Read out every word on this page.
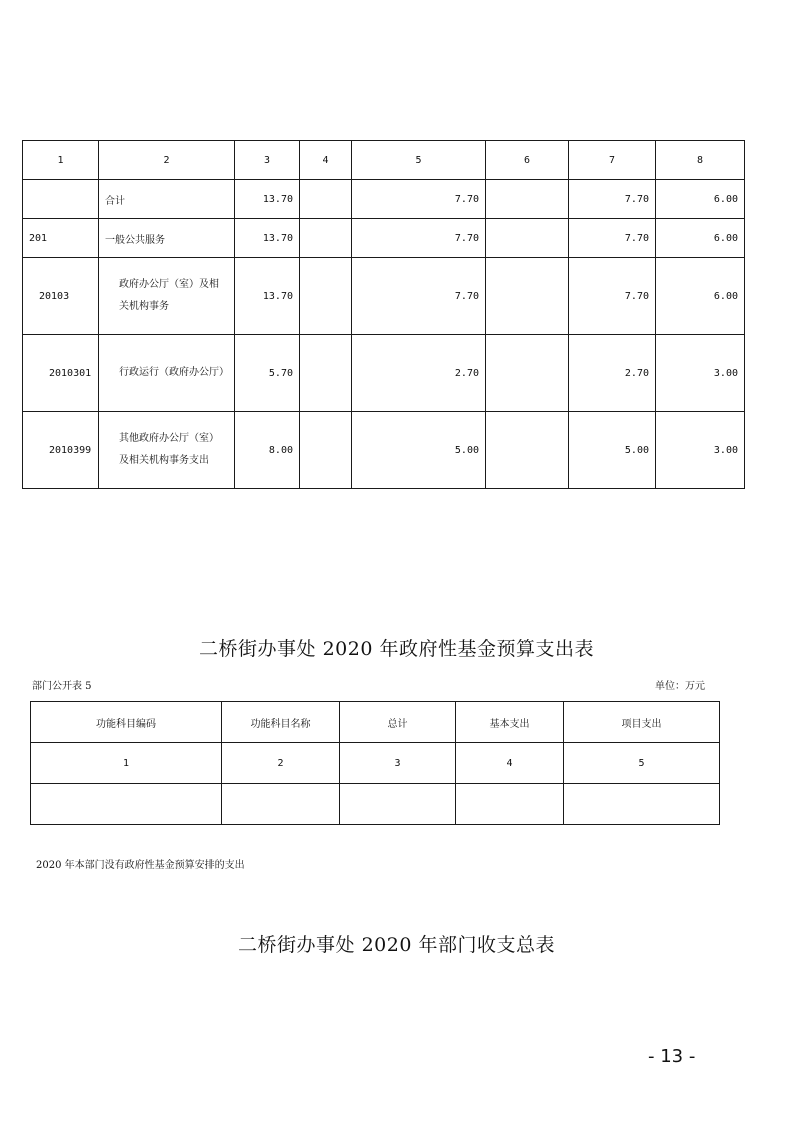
1	2	3	4	5	6	7	8
	合计	13.70		7.70		7.70	6.00
201	一般公共服务	13.70		7.70		7.70	6.00
20103	政府办公厅（室）及相关机构事务	13.70		7.70		7.70	6.00
2010301	行政运行（政府办公厅）	5.70		2.70		2.70	3.00
2010399	其他政府办公厅（室）及相关机构事务支出	8.00		5.00		5.00	3.00
二桥街办事处 2020 年政府性基金预算支出表
部门公开表 5	单位：万元
功能科目编码	功能科目名称	总计	基本支出	项目支出
1	2	3	4	5

2020 年本部门没有政府性基金预算安排的支出
二桥街办事处 2020 年部门收支总表
- 13 -
